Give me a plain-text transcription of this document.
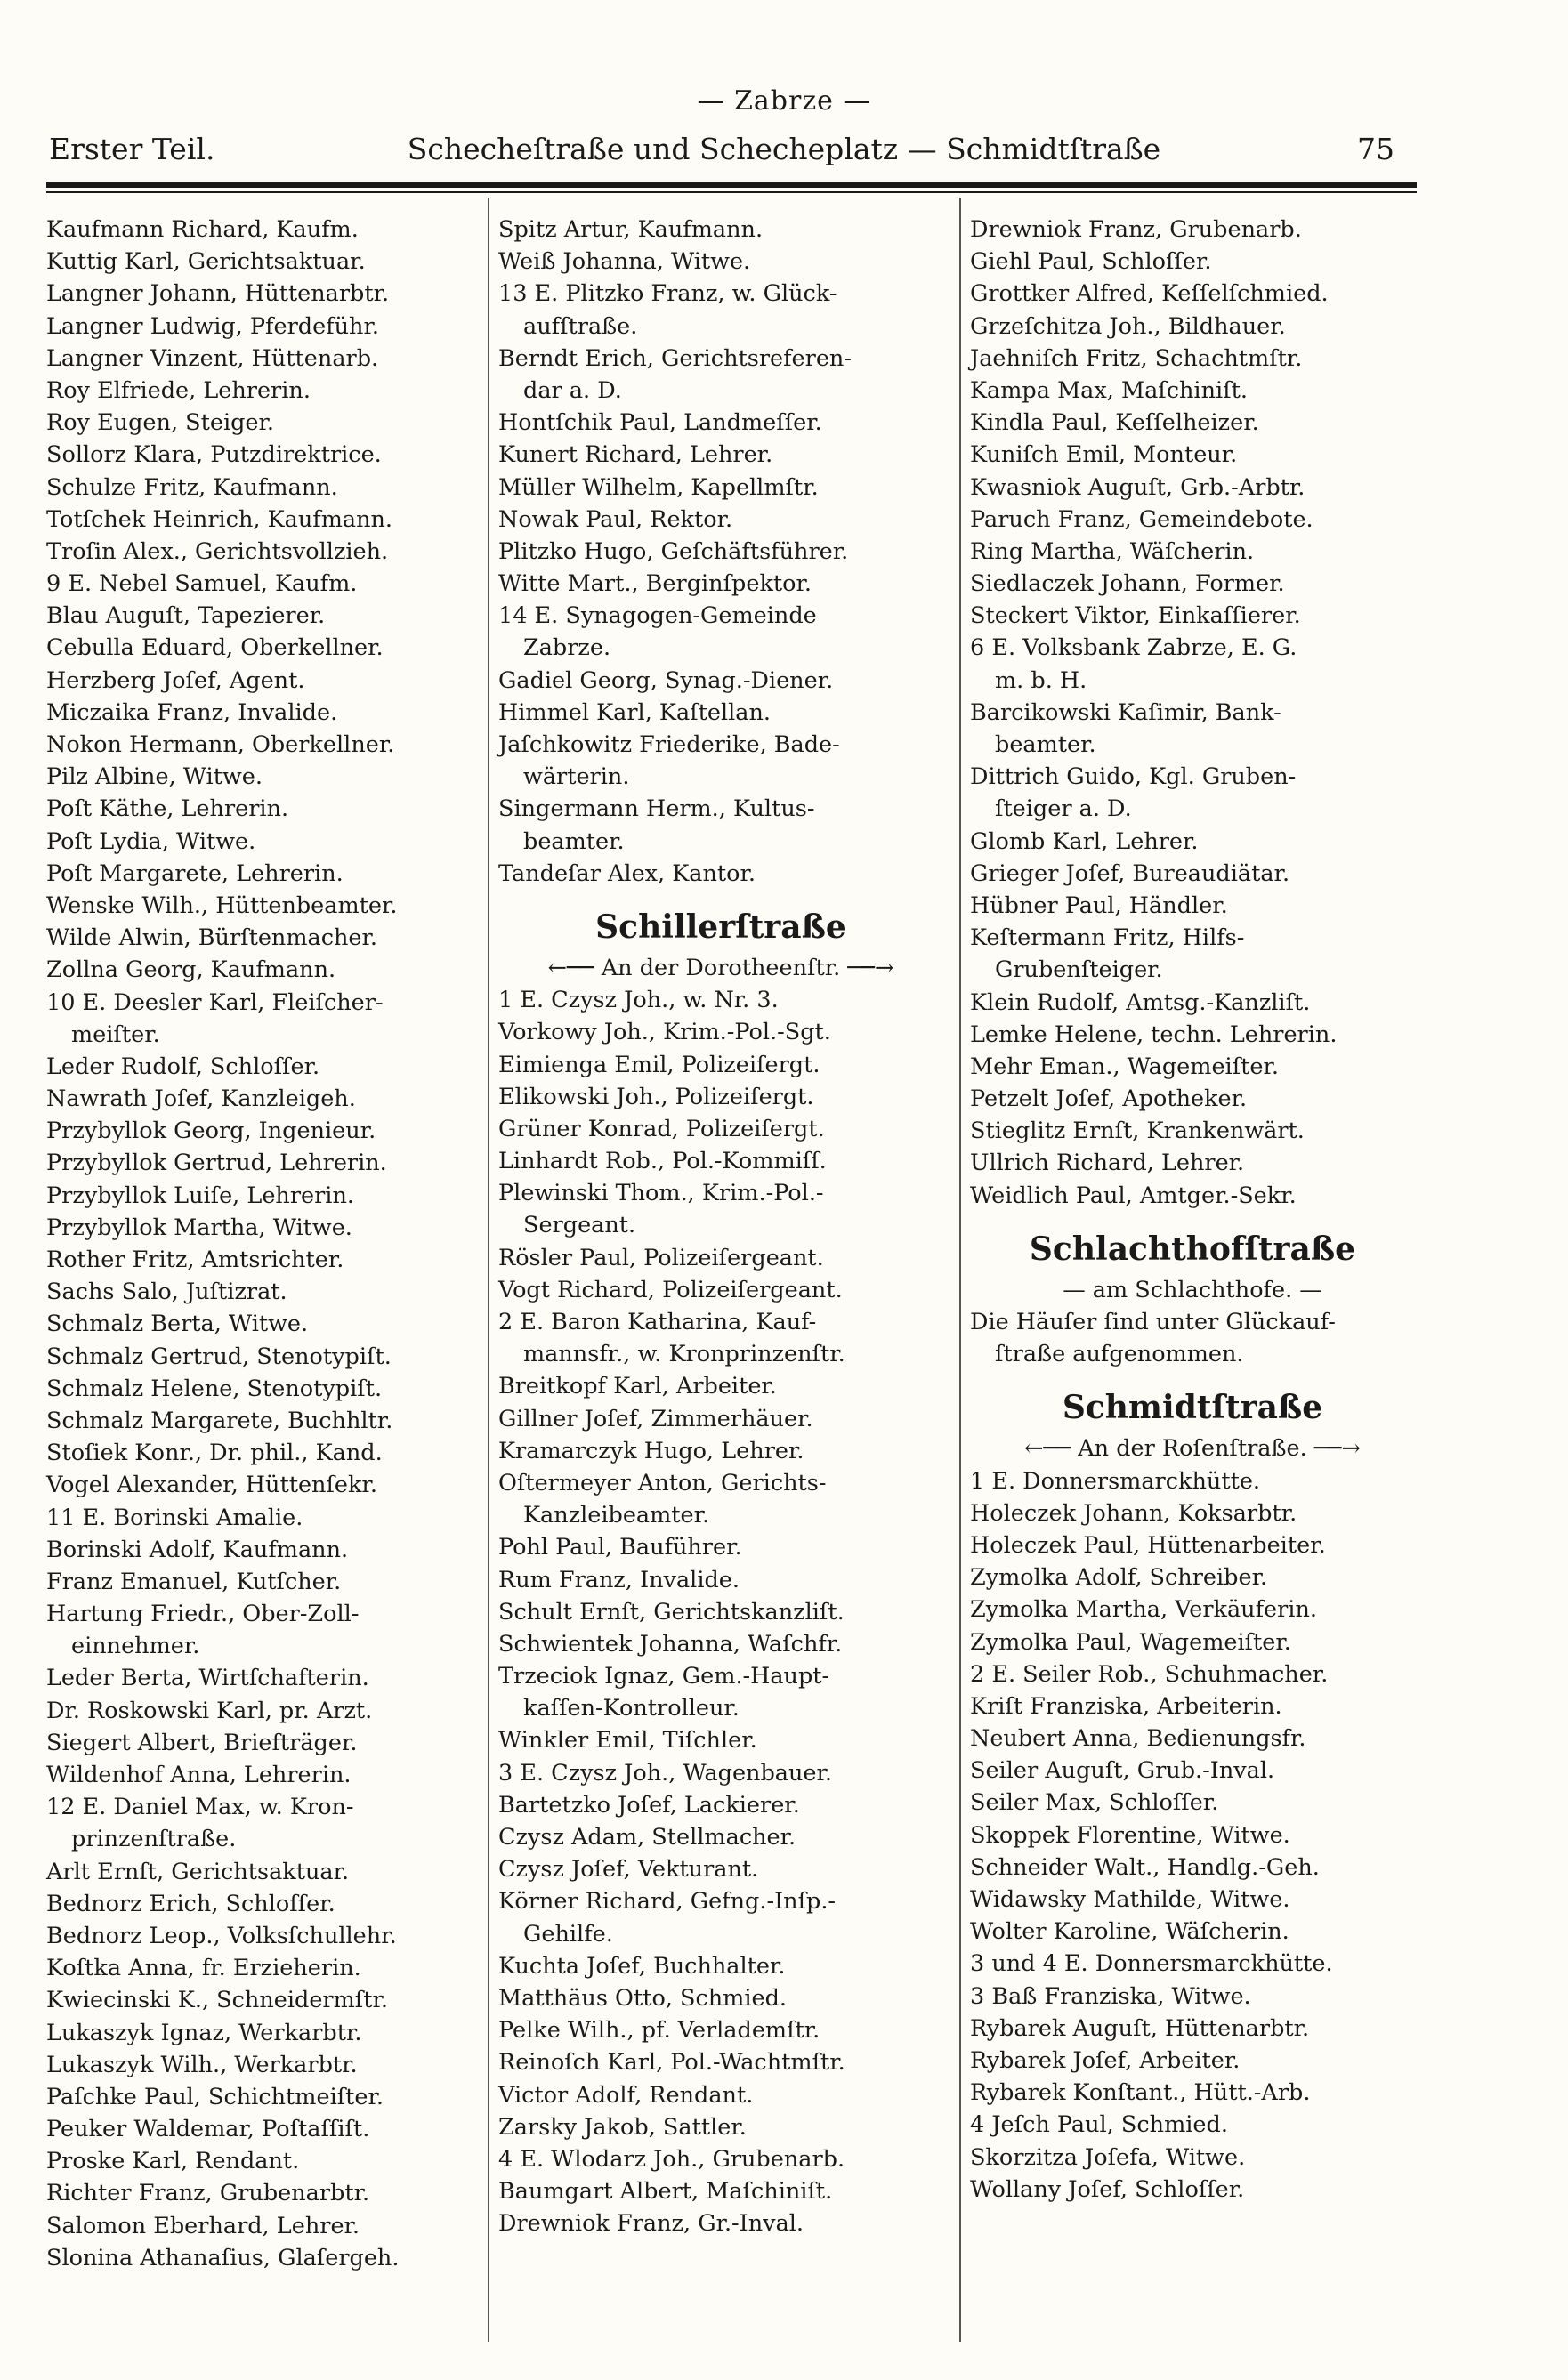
— Zabrze —
Erster Teil.	Schecheſtraße und Schecheplatz — Schmidtſtraße	75
Kaufmann Richard, Kaufm.
Kuttig Karl, Gerichtsaktuar.
Langner Johann, Hüttenarbtr.
Langner Ludwig, Pferdeführ.
Langner Vinzent, Hüttenarb.
Roy Elfriede, Lehrerin.
Roy Eugen, Steiger.
Sollorz Klara, Putzdirektrice.
Schulze Fritz, Kaufmann.
Totſchek Heinrich, Kaufmann.
Troſin Alex., Gerichtsvollzieh.
9 E. Nebel Samuel, Kaufm.
Blau Auguſt, Tapezierer.
Cebulla Eduard, Oberkellner.
Herzberg Joſef, Agent.
Miczaika Franz, Invalide.
Nokon Hermann, Oberkellner.
Pilz Albine, Witwe.
Poſt Käthe, Lehrerin.
Poſt Lydia, Witwe.
Poſt Margarete, Lehrerin.
Wenske Wilh., Hüttenbeamter.
Wilde Alwin, Bürſtenmacher.
Zollna Georg, Kaufmann.
10 E. Deesler Karl, Fleiſcher-
meiſter.
Leder Rudolf, Schloſſer.
Nawrath Joſef, Kanzleigeh.
Przybyllok Georg, Ingenieur.
Przybyllok Gertrud, Lehrerin.
Przybyllok Luiſe, Lehrerin.
Przybyllok Martha, Witwe.
Rother Fritz, Amtsrichter.
Sachs Salo, Juſtizrat.
Schmalz Berta, Witwe.
Schmalz Gertrud, Stenotypiſt.
Schmalz Helene, Stenotypiſt.
Schmalz Margarete, Buchhltr.
Stoſiek Konr., Dr. phil., Kand.
Vogel Alexander, Hüttenſekr.
11 E. Borinski Amalie.
Borinski Adolf, Kaufmann.
Franz Emanuel, Kutſcher.
Hartung Friedr., Ober-Zoll-
einnehmer.
Leder Berta, Wirtſchafterin.
Dr. Roskowski Karl, pr. Arzt.
Siegert Albert, Briefträger.
Wildenhof Anna, Lehrerin.
12 E. Daniel Max, w. Kron-
prinzenſtraße.
Arlt Ernſt, Gerichtsaktuar.
Bednorz Erich, Schloſſer.
Bednorz Leop., Volksſchullehr.
Koſtka Anna, fr. Erzieherin.
Kwiecinski K., Schneidermſtr.
Lukaszyk Ignaz, Werkarbtr.
Lukaszyk Wilh., Werkarbtr.
Paſchke Paul, Schichtmeiſter.
Peuker Waldemar, Poſtaſſiſt.
Proske Karl, Rendant.
Richter Franz, Grubenarbtr.
Salomon Eberhard, Lehrer.
Slonina Athanaſius, Glaſergeh.
Spitz Artur, Kaufmann.
Weiß Johanna, Witwe.
13 E. Plitzko Franz, w. Glück-
aufſtraße.
Berndt Erich, Gerichtsreferen-
dar a. D.
Hontſchik Paul, Landmeſſer.
Kunert Richard, Lehrer.
Müller Wilhelm, Kapellmſtr.
Nowak Paul, Rektor.
Plitzko Hugo, Geſchäftsführer.
Witte Mart., Berginſpektor.
14 E. Synagogen-Gemeinde
Zabrze.
Gadiel Georg, Synag.-Diener.
Himmel Karl, Kaſtellan.
Jaſchkowitz Friederike, Bade-
wärterin.
Singermann Herm., Kultus-
beamter.
Tandeſar Alex, Kantor.
Schillerſtraße
←── An der Dorotheenſtr. ──→
1 E. Czysz Joh., w. Nr. 3.
Vorkowy Joh., Krim.-Pol.-Sgt.
Eimienga Emil, Polizeiſergt.
Elikowski Joh., Polizeiſergt.
Grüner Konrad, Polizeiſergt.
Linhardt Rob., Pol.-Kommiſſ.
Plewinski Thom., Krim.-Pol.-
Sergeant.
Rösler Paul, Polizeiſergeant.
Vogt Richard, Polizeiſergeant.
2 E. Baron Katharina, Kauf-
mannsfr., w. Kronprinzenſtr.
Breitkopf Karl, Arbeiter.
Gillner Joſef, Zimmerhäuer.
Kramarczyk Hugo, Lehrer.
Oſtermeyer Anton, Gerichts-
Kanzleibeamter.
Pohl Paul, Bauführer.
Rum Franz, Invalide.
Schult Ernſt, Gerichtskanzliſt.
Schwientek Johanna, Waſchfr.
Trzeciok Ignaz, Gem.-Haupt-
kaſſen-Kontrolleur.
Winkler Emil, Tiſchler.
3 E. Czysz Joh., Wagenbauer.
Bartetzko Joſef, Lackierer.
Czysz Adam, Stellmacher.
Czysz Joſef, Vekturant.
Körner Richard, Gefng.-Inſp.-
Gehilfe.
Kuchta Joſef, Buchhalter.
Matthäus Otto, Schmied.
Pelke Wilh., pf. Verlademſtr.
Reinoſch Karl, Pol.-Wachtmſtr.
Victor Adolf, Rendant.
Zarsky Jakob, Sattler.
4 E. Wlodarz Joh., Grubenarb.
Baumgart Albert, Maſchiniſt.
Drewniok Franz, Gr.-Inval.
Drewniok Franz, Grubenarb.
Giehl Paul, Schloſſer.
Grottker Alfred, Keſſelſchmied.
Grzeſchitza Joh., Bildhauer.
Jaehniſch Fritz, Schachtmſtr.
Kampa Max, Maſchiniſt.
Kindla Paul, Keſſelheizer.
Kuniſch Emil, Monteur.
Kwasniok Auguſt, Grb.-Arbtr.
Paruch Franz, Gemeindebote.
Ring Martha, Wäſcherin.
Siedlaczek Johann, Former.
Steckert Viktor, Einkaſſierer.
6 E. Volksbank Zabrze, E. G.
m. b. H.
Barcikowski Kaſimir, Bank-
beamter.
Dittrich Guido, Kgl. Gruben-
ſteiger a. D.
Glomb Karl, Lehrer.
Grieger Joſef, Bureaudiätar.
Hübner Paul, Händler.
Keſtermann Fritz, Hilfs-
Grubenſteiger.
Klein Rudolf, Amtsg.-Kanzliſt.
Lemke Helene, techn. Lehrerin.
Mehr Eman., Wagemeiſter.
Petzelt Joſef, Apotheker.
Stieglitz Ernſt, Krankenwärt.
Ullrich Richard, Lehrer.
Weidlich Paul, Amtger.-Sekr.
Schlachthofſtraße
— am Schlachthofe. —
Die Häuſer ſind unter Glückauf-
ſtraße aufgenommen.
Schmidtſtraße
←── An der Roſenſtraße. ──→
1 E. Donnersmarckhütte.
Holeczek Johann, Koksarbtr.
Holeczek Paul, Hüttenarbeiter.
Zymolka Adolf, Schreiber.
Zymolka Martha, Verkäuferin.
Zymolka Paul, Wagemeiſter.
2 E. Seiler Rob., Schuhmacher.
Kriſt Franziska, Arbeiterin.
Neubert Anna, Bedienungsfr.
Seiler Auguſt, Grub.-Inval.
Seiler Max, Schloſſer.
Skoppek Florentine, Witwe.
Schneider Walt., Handlg.-Geh.
Widawsky Mathilde, Witwe.
Wolter Karoline, Wäſcherin.
3 und 4 E. Donnersmarckhütte.
3 Baß Franziska, Witwe.
Rybarek Auguſt, Hüttenarbtr.
Rybarek Joſef, Arbeiter.
Rybarek Konſtant., Hütt.-Arb.
4 Jeſch Paul, Schmied.
Skorzitza Joſefa, Witwe.
Wollany Joſef, Schloſſer.
